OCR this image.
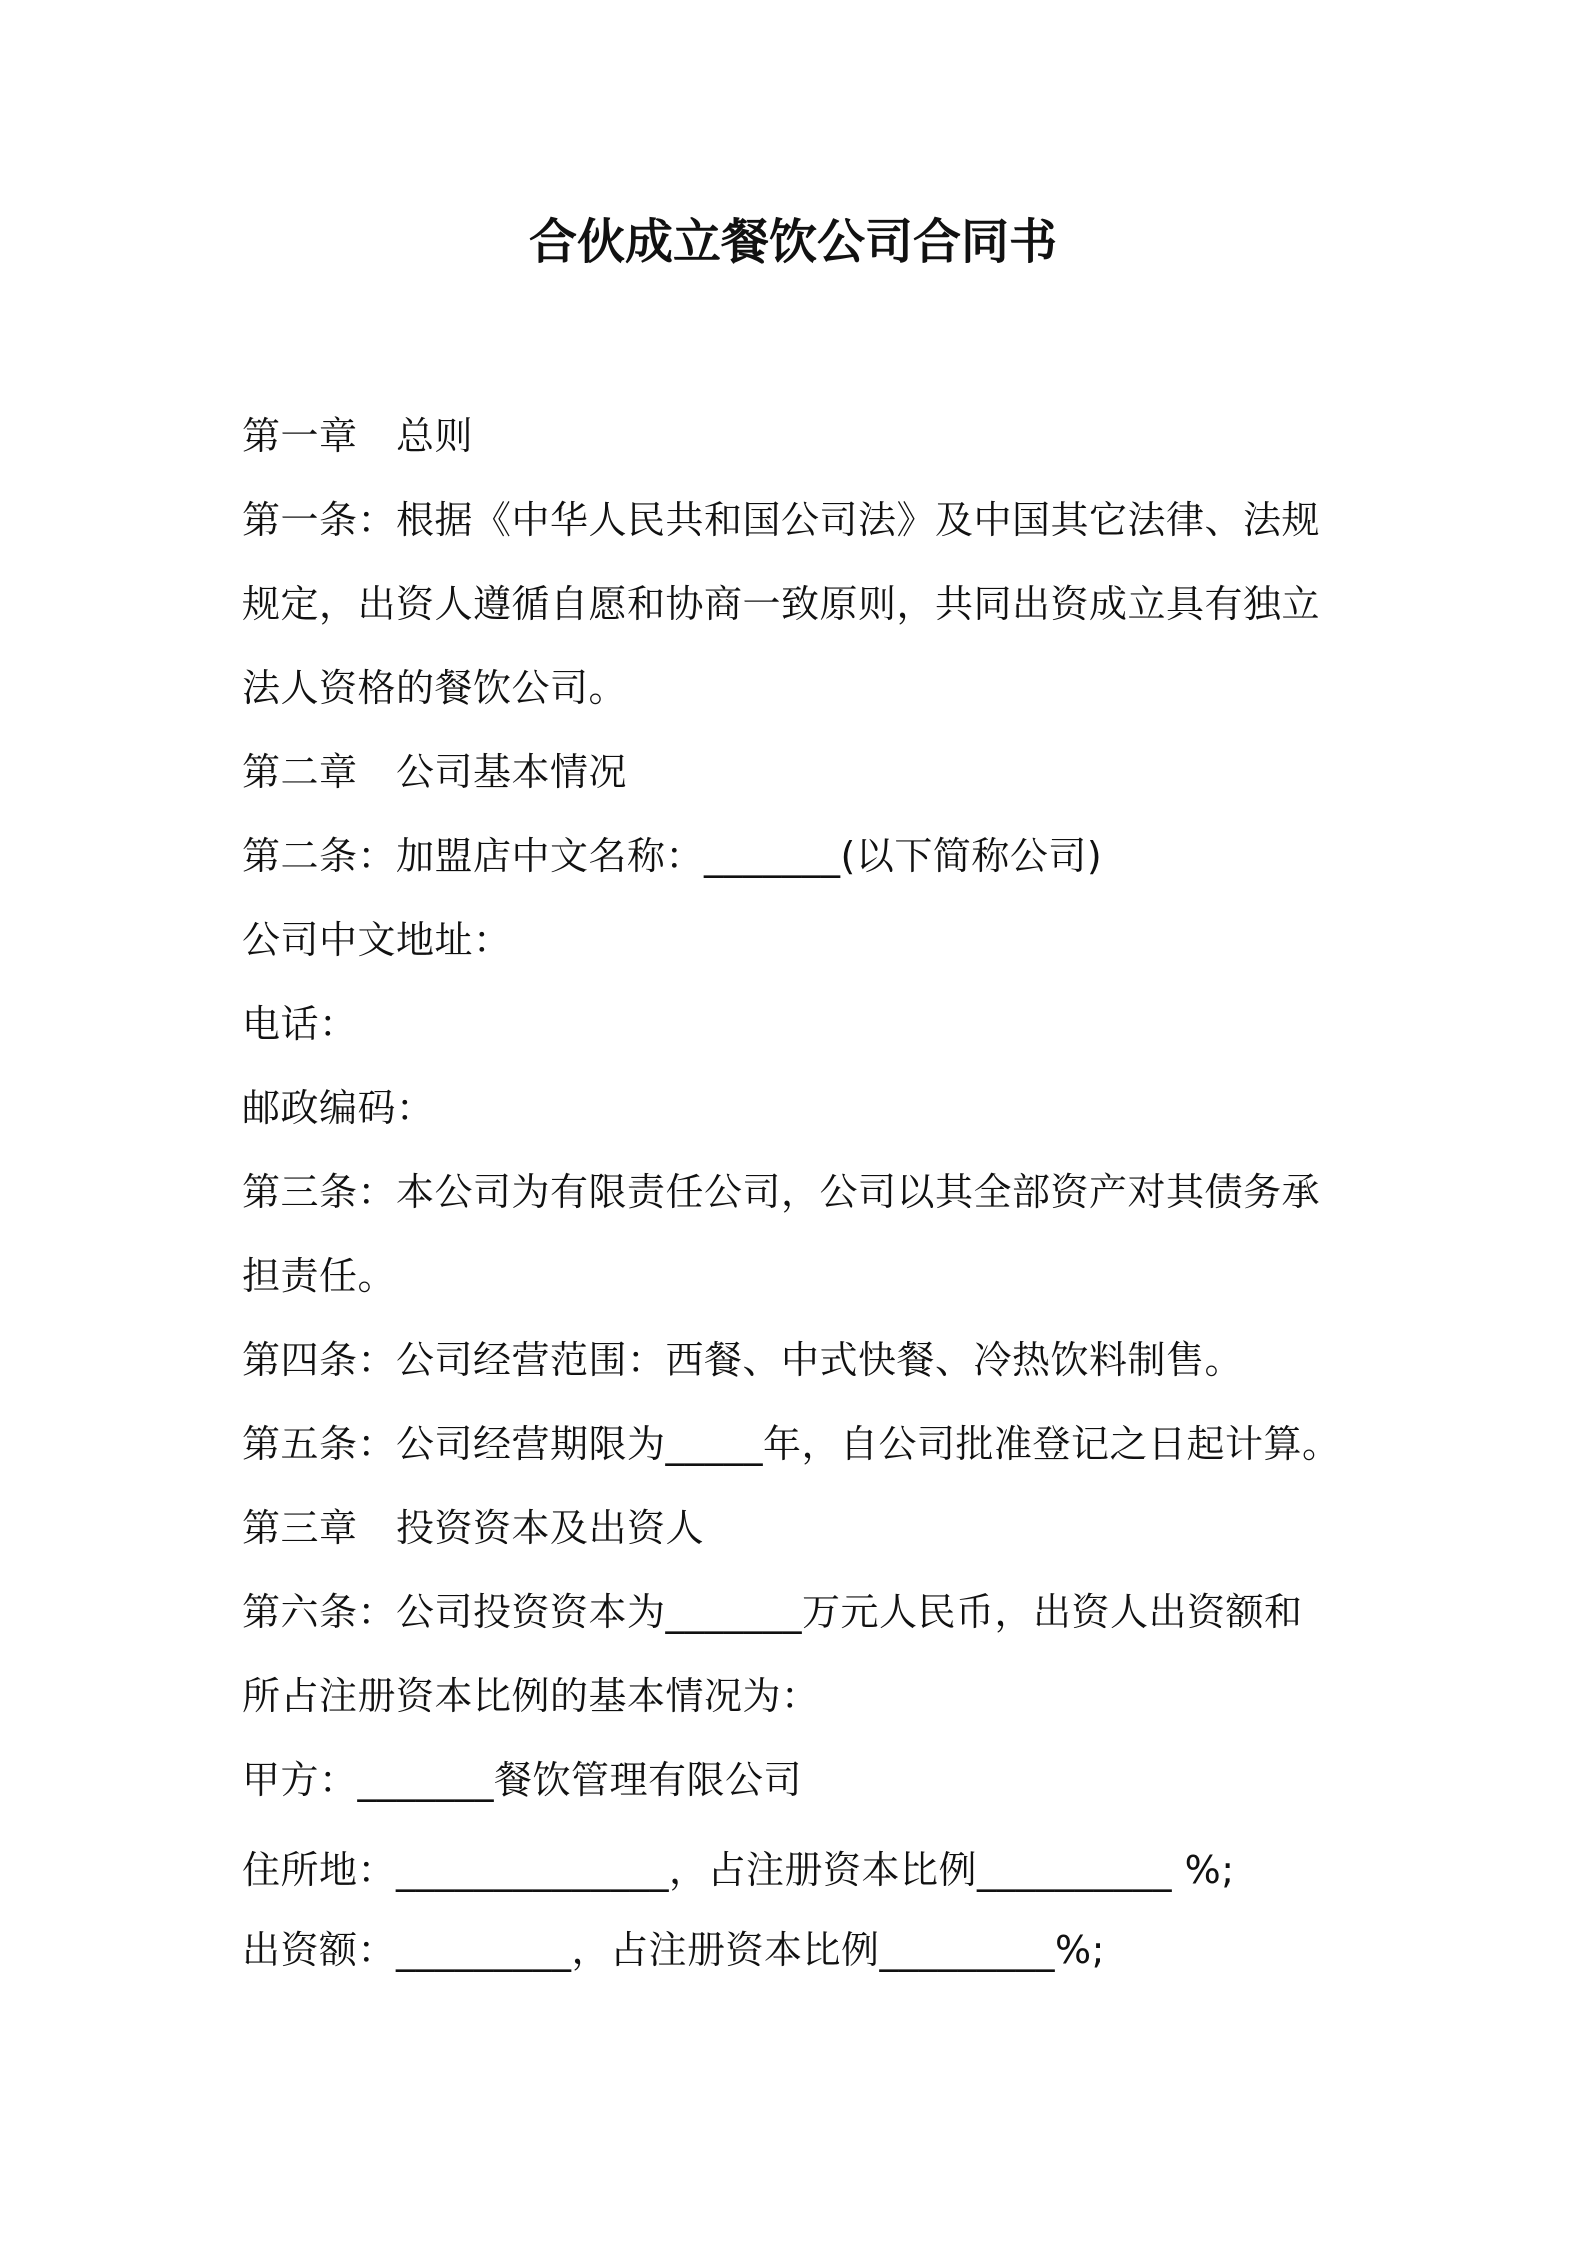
合伙成立餐饮公司合同书
第一章　总则
第一条：根据《中华人民共和国公司法》及中国其它法律、法规
规定，出资人遵循自愿和协商一致原则，共同出资成立具有独立
法人资格的餐饮公司。
第二章　公司基本情况
第二条：加盟店中文名称：_______(以下简称公司)
公司中文地址：
电话：
邮政编码：
第三条：本公司为有限责任公司，公司以其全部资产对其债务承
担责任。
第四条：公司经营范围：西餐、中式快餐、冷热饮料制售。
第五条：公司经营期限为_____年，自公司批准登记之日起计算。
第三章　投资资本及出资人
第六条：公司投资资本为_______万元人民币，出资人出资额和
所占注册资本比例的基本情况为：
甲方：_______餐饮管理有限公司
住所地：______________，占注册资本比例__________ %;
出资额：_________，占注册资本比例_________%;
